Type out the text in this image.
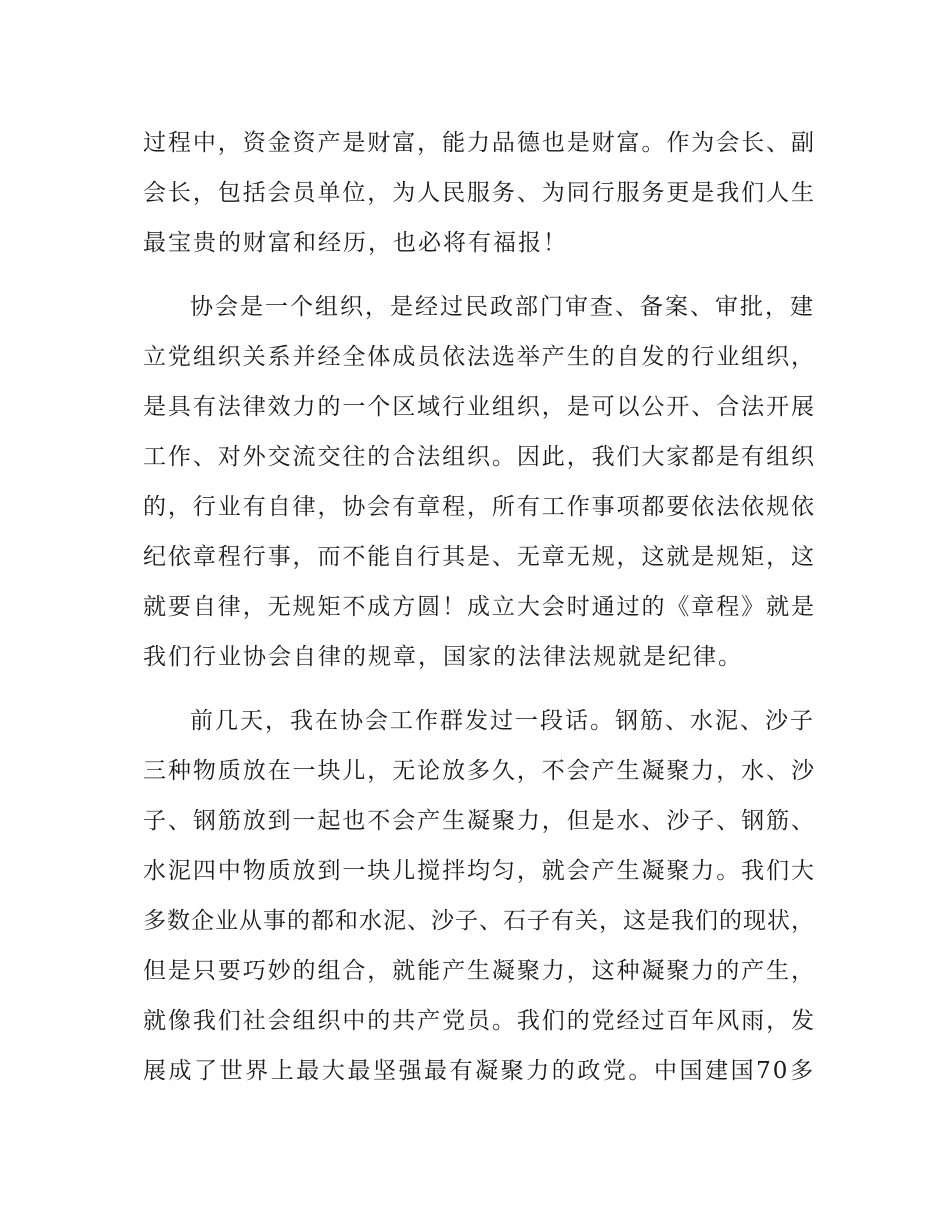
过程中，资金资产是财富，能力品德也是财富。作为会长、副
会长，包括会员单位，为人民服务、为同行服务更是我们人生
最宝贵的财富和经历，也必将有福报！
协会是一个组织，是经过民政部门审查、备案、审批，建
立党组织关系并经全体成员依法选举产生的自发的行业组织，
是具有法律效力的一个区域行业组织，是可以公开、合法开展
工作、对外交流交往的合法组织。因此，我们大家都是有组织
的，行业有自律，协会有章程，所有工作事项都要依法依规依
纪依章程行事，而不能自行其是、无章无规，这就是规矩，这
就要自律，无规矩不成方圆！成立大会时通过的《章程》就是
我们行业协会自律的规章，国家的法律法规就是纪律。
前几天，我在协会工作群发过一段话。钢筋、水泥、沙子
三种物质放在一块儿，无论放多久，不会产生凝聚力，水、沙
子、钢筋放到一起也不会产生凝聚力，但是水、沙子、钢筋、
水泥四中物质放到一块儿搅拌均匀，就会产生凝聚力。我们大
多数企业从事的都和水泥、沙子、石子有关，这是我们的现状，
但是只要巧妙的组合，就能产生凝聚力，这种凝聚力的产生，
就像我们社会组织中的共产党员。我们的党经过百年风雨，发
展成了世界上最大最坚强最有凝聚力的政党。中国建国70多
